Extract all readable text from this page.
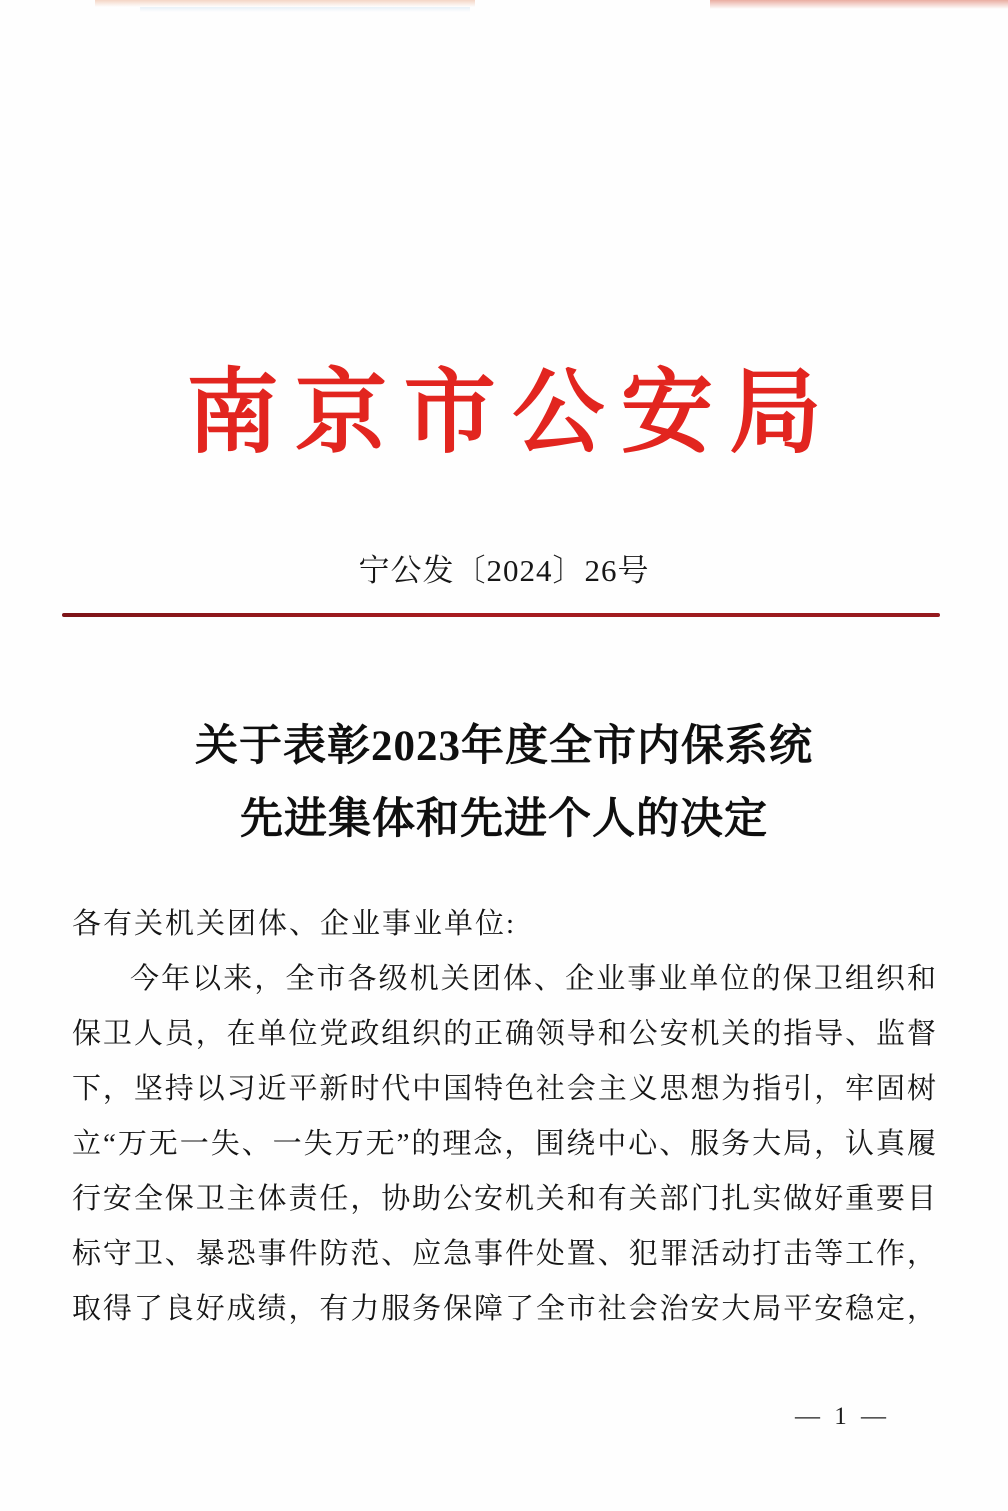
南京市公安局
宁公发〔2024〕26号
关于表彰2023年度全市内保系统
先进集体和先进个人的决定
各有关机关团体、企业事业单位:
今年以来，全市各级机关团体、企业事业单位的保卫组织和
保卫人员，在单位党政组织的正确领导和公安机关的指导、监督
下，坚持以习近平新时代中国特色社会主义思想为指引，牢固树
立“万无一失、一失万无”的理念，围绕中心、服务大局，认真履
行安全保卫主体责任，协助公安机关和有关部门扎实做好重要目
标守卫、暴恐事件防范、应急事件处置、犯罪活动打击等工作，
取得了良好成绩，有力服务保障了全市社会治安大局平安稳定，
— 1 —
